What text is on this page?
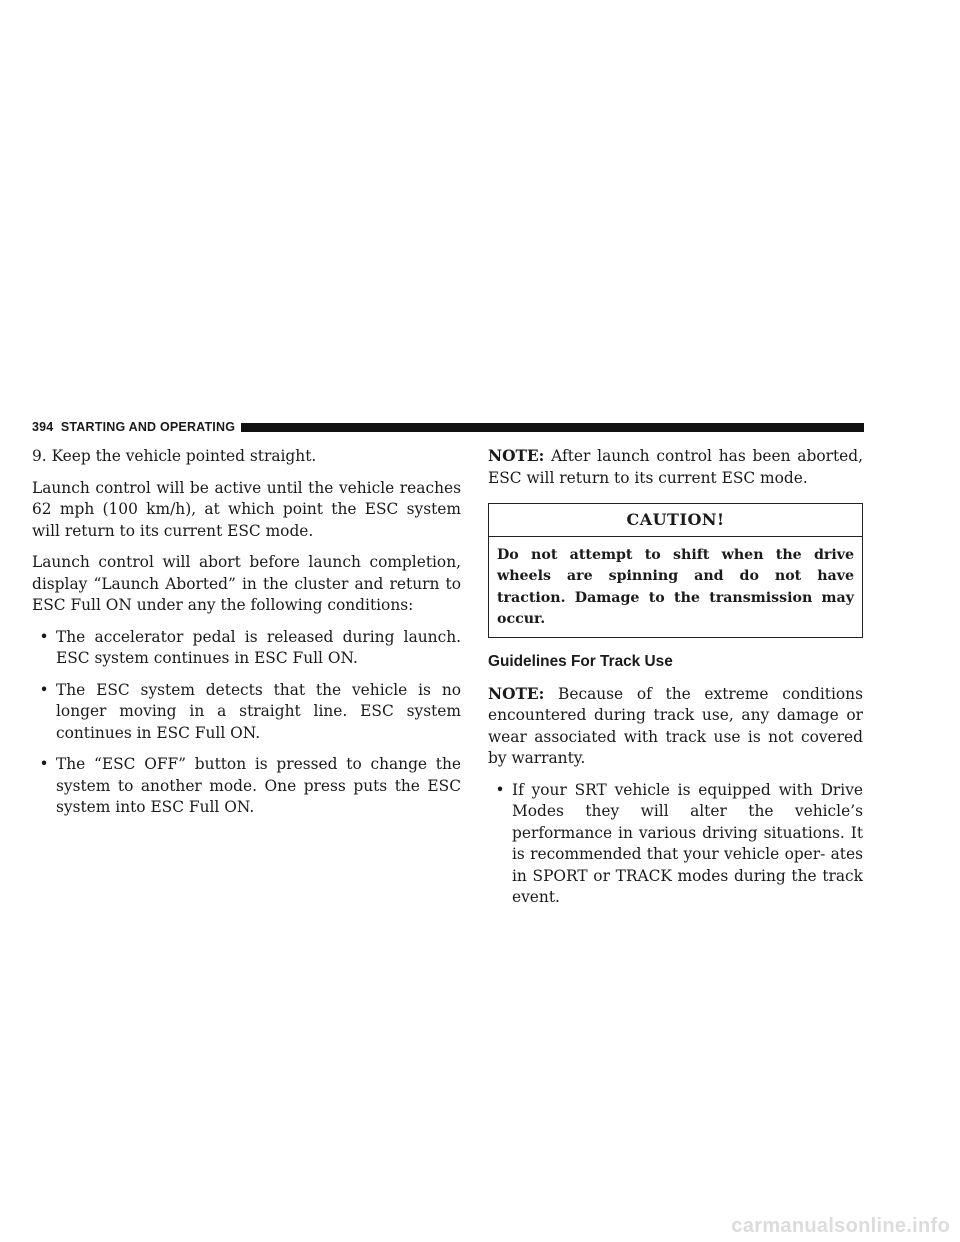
394 STARTING AND OPERATING

9. Keep the vehicle pointed straight.

Launch control will be active until the vehicle reaches 62 mph (100 km/h), at which point the ESC system will return to its current ESC mode.

Launch control will abort before launch completion, display “Launch Aborted” in the cluster and return to ESC Full ON under any the following conditions:

• The accelerator pedal is released during launch. ESC system continues in ESC Full ON.
• The ESC system detects that the vehicle is no longer moving in a straight line. ESC system continues in ESC Full ON.
• The “ESC OFF” button is pressed to change the system to another mode. One press puts the ESC system into ESC Full ON.

NOTE: After launch control has been aborted, ESC will return to its current ESC mode.

CAUTION!
Do not attempt to shift when the drive wheels are spinning and do not have traction. Damage to the transmission may occur.
Guidelines For Track Use

NOTE: Because of the extreme conditions encountered during track use, any damage or wear associated with track use is not covered by warranty.

• If your SRT vehicle is equipped with Drive Modes they will alter the vehicle’s performance in various driving situations. It is recommended that your vehicle oper- ates in SPORT or TRACK modes during the track event.
carmanualsonline.info
